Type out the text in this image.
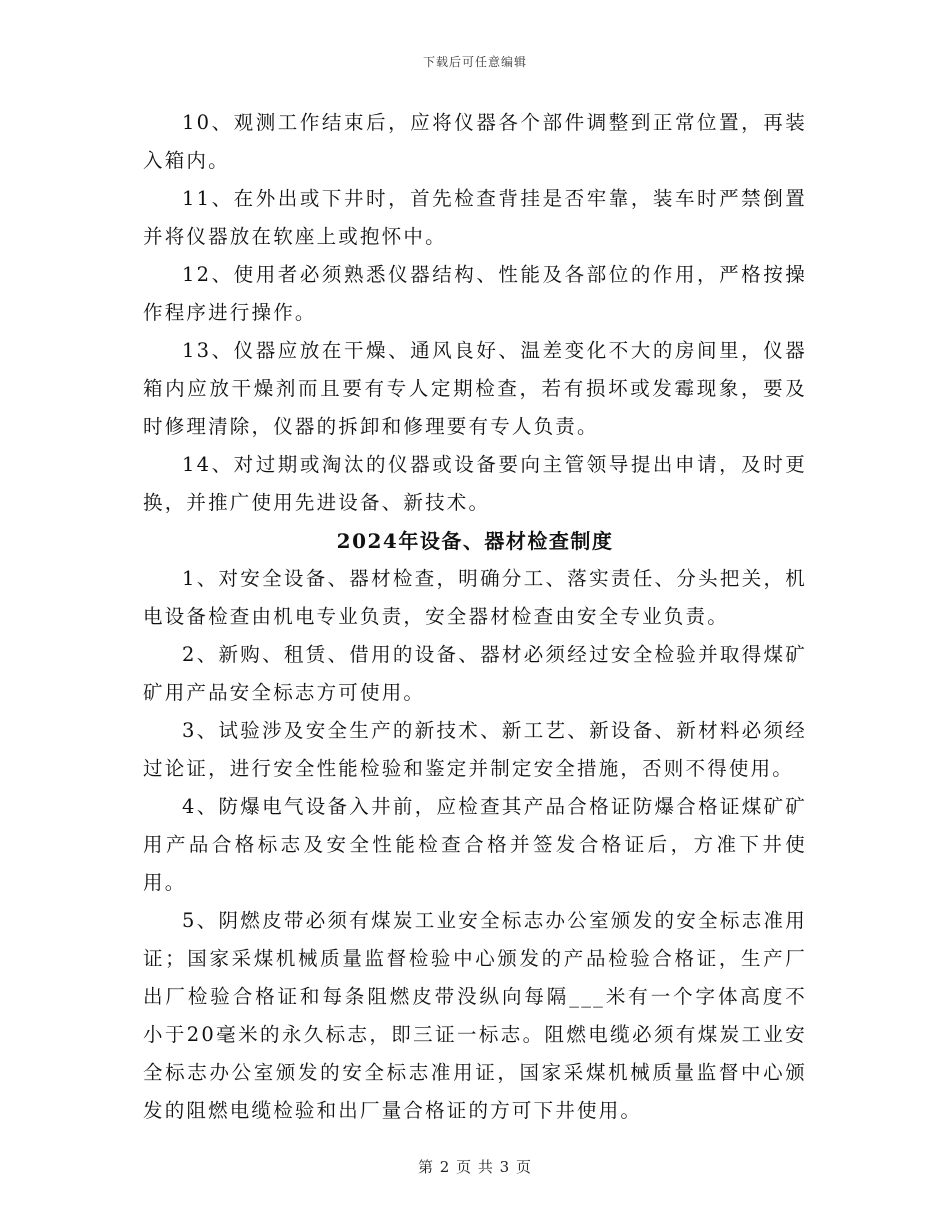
下载后可任意编辑

10、观测工作结束后，应将仪器各个部件调整到正常位置，再装入箱内。

11、在外出或下井时，首先检查背挂是否牢靠，装车时严禁倒置并将仪器放在软座上或抱怀中。

12、使用者必须熟悉仪器结构、性能及各部位的作用，严格按操作程序进行操作。

13、仪器应放在干燥、通风良好、温差变化不大的房间里，仪器箱内应放干燥剂而且要有专人定期检查，若有损坏或发霉现象，要及时修理清除，仪器的拆卸和修理要有专人负责。

14、对过期或淘汰的仪器或设备要向主管领导提出申请，及时更换，并推广使用先进设备、新技术。

2024年设备、器材检查制度

1、对安全设备、器材检查，明确分工、落实责任、分头把关，机电设备检查由机电专业负责，安全器材检查由安全专业负责。

2、新购、租赁、借用的设备、器材必须经过安全检验并取得煤矿矿用产品安全标志方可使用。

3、试验涉及安全生产的新技术、新工艺、新设备、新材料必须经过论证，进行安全性能检验和鉴定并制定安全措施，否则不得使用。

4、防爆电气设备入井前，应检查其产品合格证防爆合格证煤矿矿用产品合格标志及安全性能检查合格并签发合格证后，方准下井使用。

5、阴燃皮带必须有煤炭工业安全标志办公室颁发的安全标志准用证；国家采煤机械质量监督检验中心颁发的产品检验合格证，生产厂出厂检验合格证和每条阻燃皮带没纵向每隔___米有一个字体高度不小于20毫米的永久标志，即三证一标志。阻燃电缆必须有煤炭工业安全标志办公室颁发的安全标志准用证，国家采煤机械质量监督中心颁发的阻燃电缆检验和出厂量合格证的方可下井使用。

第 2 页 共 3 页
